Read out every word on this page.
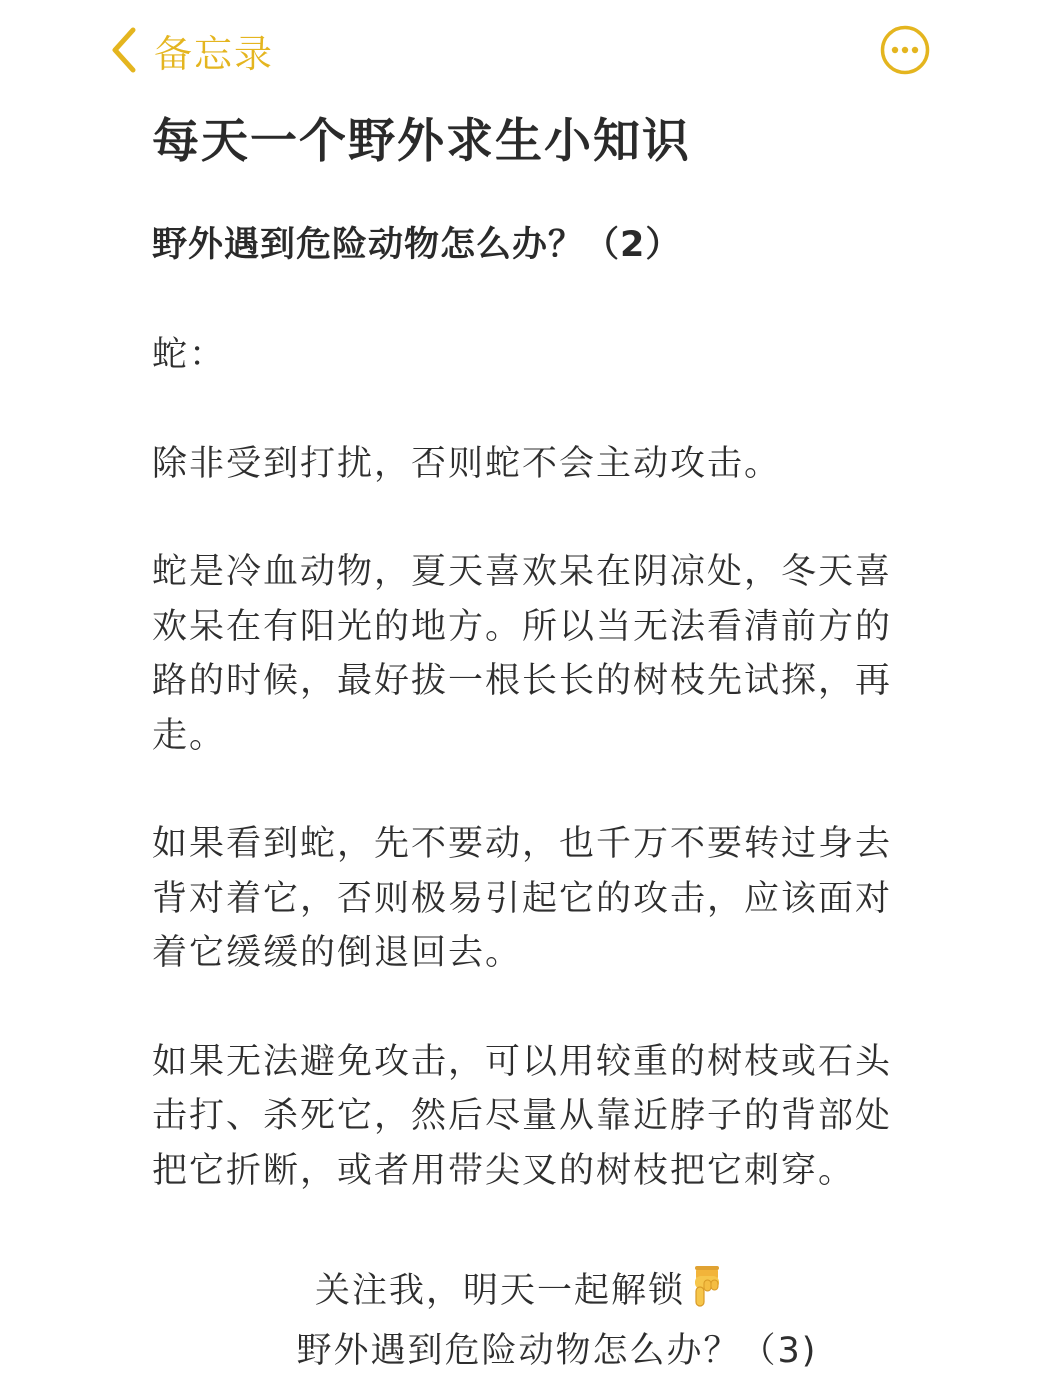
备忘录
每天一个野外求生小知识
野外遇到危险动物怎么办？（2）

蛇：

除非受到打扰，否则蛇不会主动攻击。

蛇是冷血动物，夏天喜欢呆在阴凉处，冬天喜欢呆在有阳光的地方。所以当无法看清前方的路的时候，最好拔一根长长的树枝先试探，再走。

如果看到蛇，先不要动，也千万不要转过身去背对着它，否则极易引起它的攻击，应该面对着它缓缓的倒退回去。

如果无法避免攻击，可以用较重的树枝或石头击打、杀死它，然后尽量从靠近脖子的背部处把它折断，或者用带尖叉的树枝把它刺穿。

关注我，明天一起解锁
野外遇到危险动物怎么办？（3)
